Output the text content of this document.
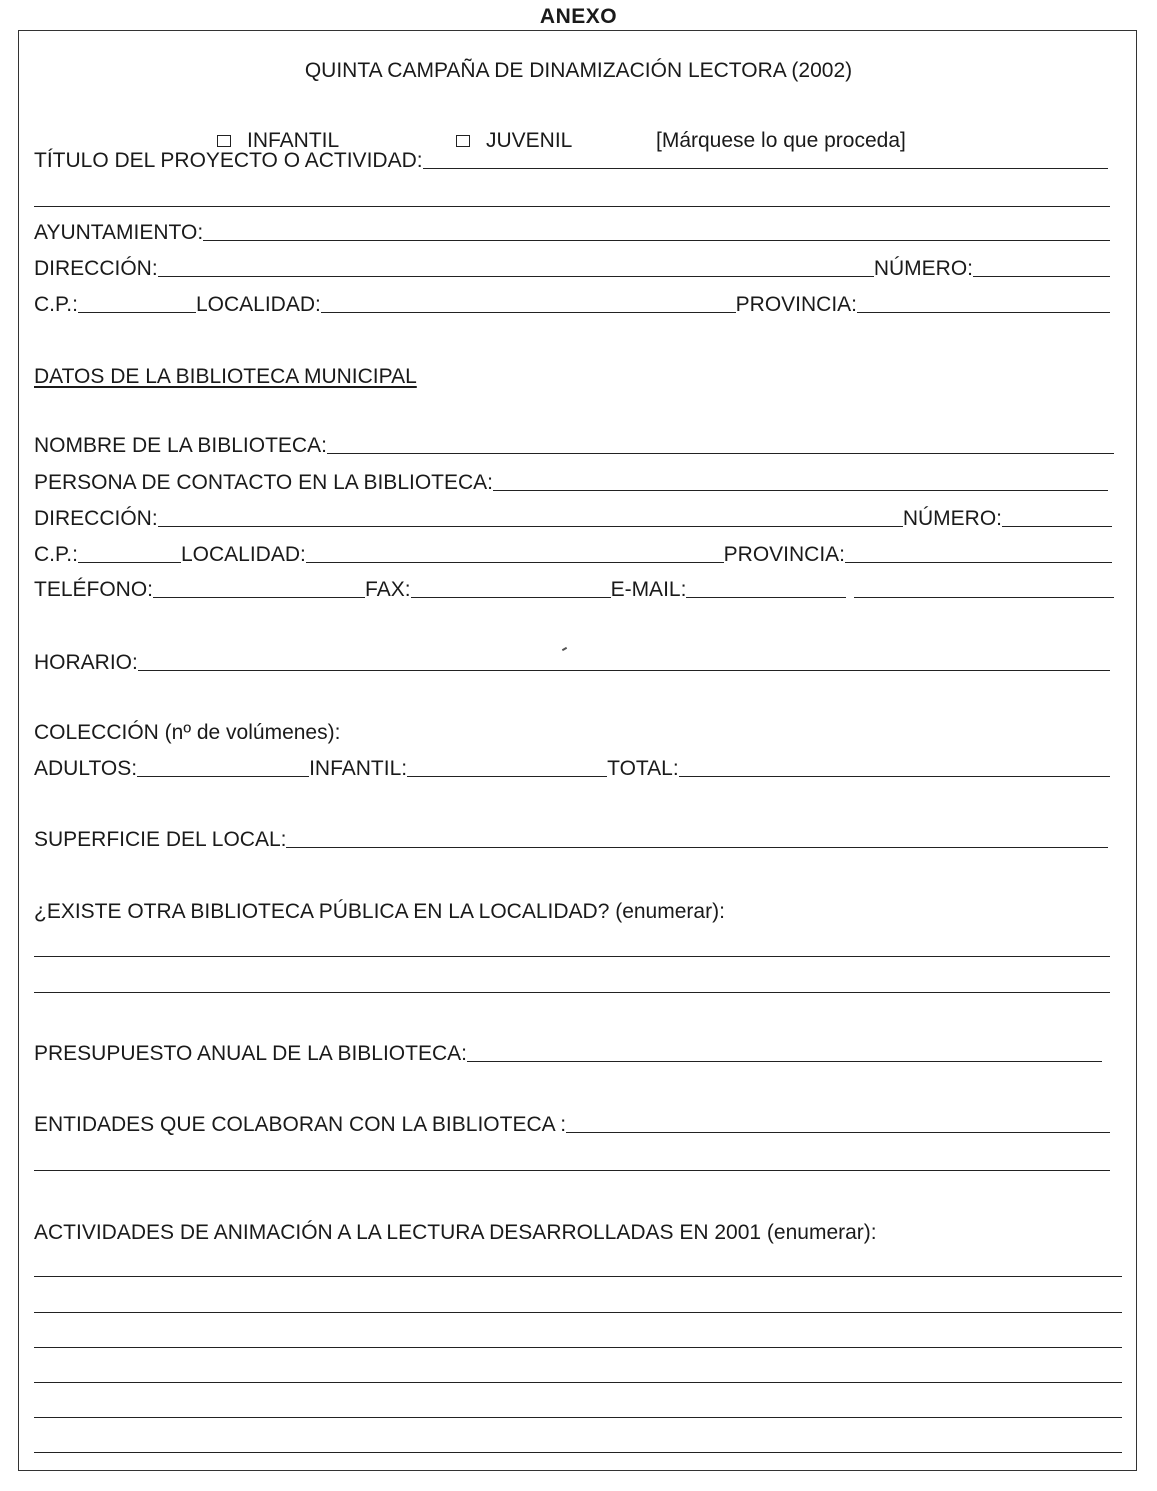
ANEXO
QUINTA CAMPAÑA DE DINAMIZACIÓN LECTORA (2002)
INFANTIL	JUVENIL	[Márquese lo que proceda]
TÍTULO DEL PROYECTO O ACTIVIDAD:
AYUNTAMIENTO:
DIRECCIÓN:	NÚMERO:
C.P.:	LOCALIDAD:	PROVINCIA:
DATOS DE LA BIBLIOTECA MUNICIPAL
NOMBRE DE LA BIBLIOTECA:
PERSONA DE CONTACTO EN LA BIBLIOTECA:
DIRECCIÓN:	NÚMERO:
C.P.:	LOCALIDAD:	PROVINCIA:
TELÉFONO:	FAX:	E-MAIL:
HORARIO:
COLECCIÓN (nº de volúmenes):
ADULTOS:	INFANTIL:	TOTAL:
SUPERFICIE DEL LOCAL:
¿EXISTE OTRA BIBLIOTECA PÚBLICA EN LA LOCALIDAD? (enumerar):
PRESUPUESTO ANUAL DE LA BIBLIOTECA:
ENTIDADES QUE COLABORAN CON LA BIBLIOTECA :
ACTIVIDADES DE ANIMACIÓN A LA LECTURA DESARROLLADAS EN 2001 (enumerar):
